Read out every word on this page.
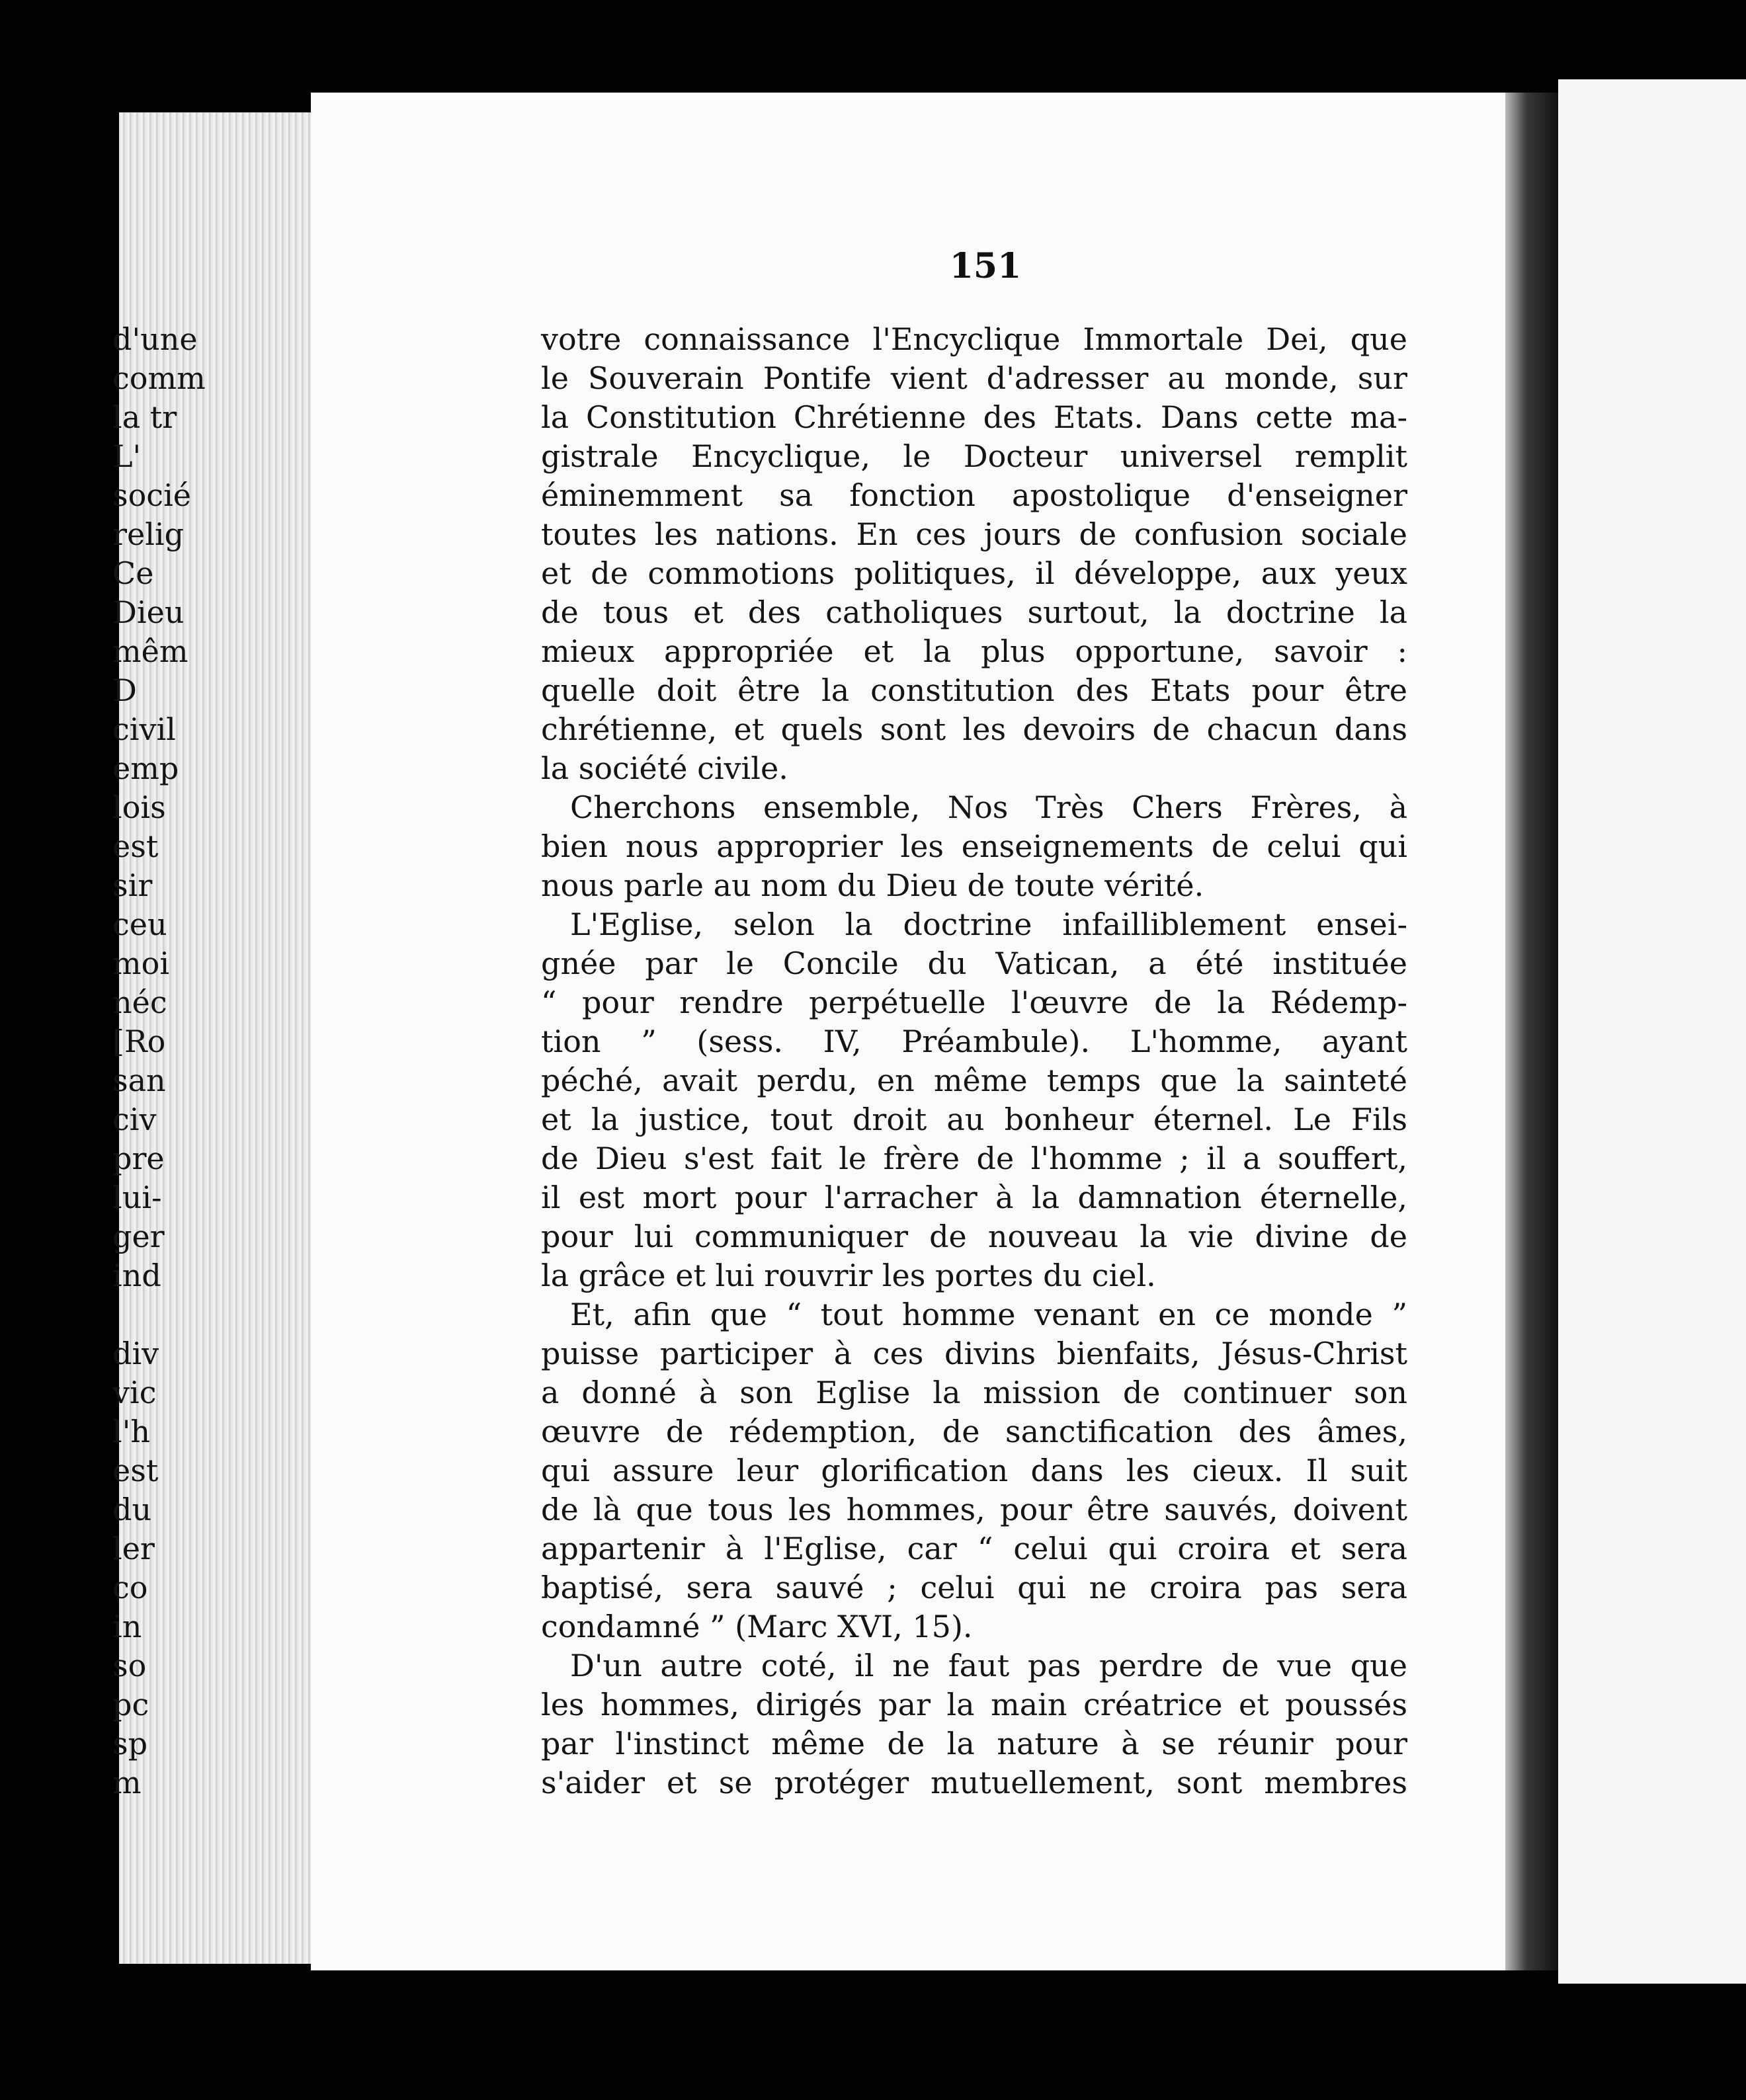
151
votre connaissance l'Encyclique Immortale Dei, que
le Souverain Pontife vient d'adresser au monde, sur
la Constitution Chrétienne des Etats. Dans cette ma-
gistrale Encyclique, le Docteur universel remplit
éminemment sa fonction apostolique d'enseigner
toutes les nations. En ces jours de confusion sociale
et de commotions politiques, il développe, aux yeux
de tous et des catholiques surtout, la doctrine la
mieux appropriée et la plus opportune, savoir :
quelle doit être la constitution des Etats pour être
chrétienne, et quels sont les devoirs de chacun dans
la société civile.
Cherchons ensemble, Nos Très Chers Frères, à
bien nous approprier les enseignements de celui qui
nous parle au nom du Dieu de toute vérité.
L'Eglise, selon la doctrine infailliblement ensei-
gnée par le Concile du Vatican, a été instituée
“ pour rendre perpétuelle l'œuvre de la Rédemp-
tion ” (sess. IV, Préambule). L'homme, ayant
péché, avait perdu, en même temps que la sainteté
et la justice, tout droit au bonheur éternel. Le Fils
de Dieu s'est fait le frère de l'homme ; il a souffert,
il est mort pour l'arracher à la damnation éternelle,
pour lui communiquer de nouveau la vie divine de
la grâce et lui rouvrir les portes du ciel.
Et, afin que “ tout homme venant en ce monde ”
puisse participer à ces divins bienfaits, Jésus-Christ
a donné à son Eglise la mission de continuer son
œuvre de rédemption, de sanctification des âmes,
qui assure leur glorification dans les cieux. Il suit
de là que tous les hommes, pour être sauvés, doivent
appartenir à l'Eglise, car “ celui qui croira et sera
baptisé, sera sauvé ; celui qui ne croira pas sera
condamné ” (Marc XVI, 15).
D'un autre coté, il ne faut pas perdre de vue que
les hommes, dirigés par la main créatrice et poussés
par l'instinct même de la nature à se réunir pour
s'aider et se protéger mutuellement, sont membres
d'une
comm
la tr
L'
socié
relig
Ce
Dieu
mêm
D
civil
emp
lois
est
sir
ceu
moi
néc
[Ro
san
civ
pre
lui-
ger
ind
div
vic
l'h
est
du
ler
co
in
so
pc
sp
m
